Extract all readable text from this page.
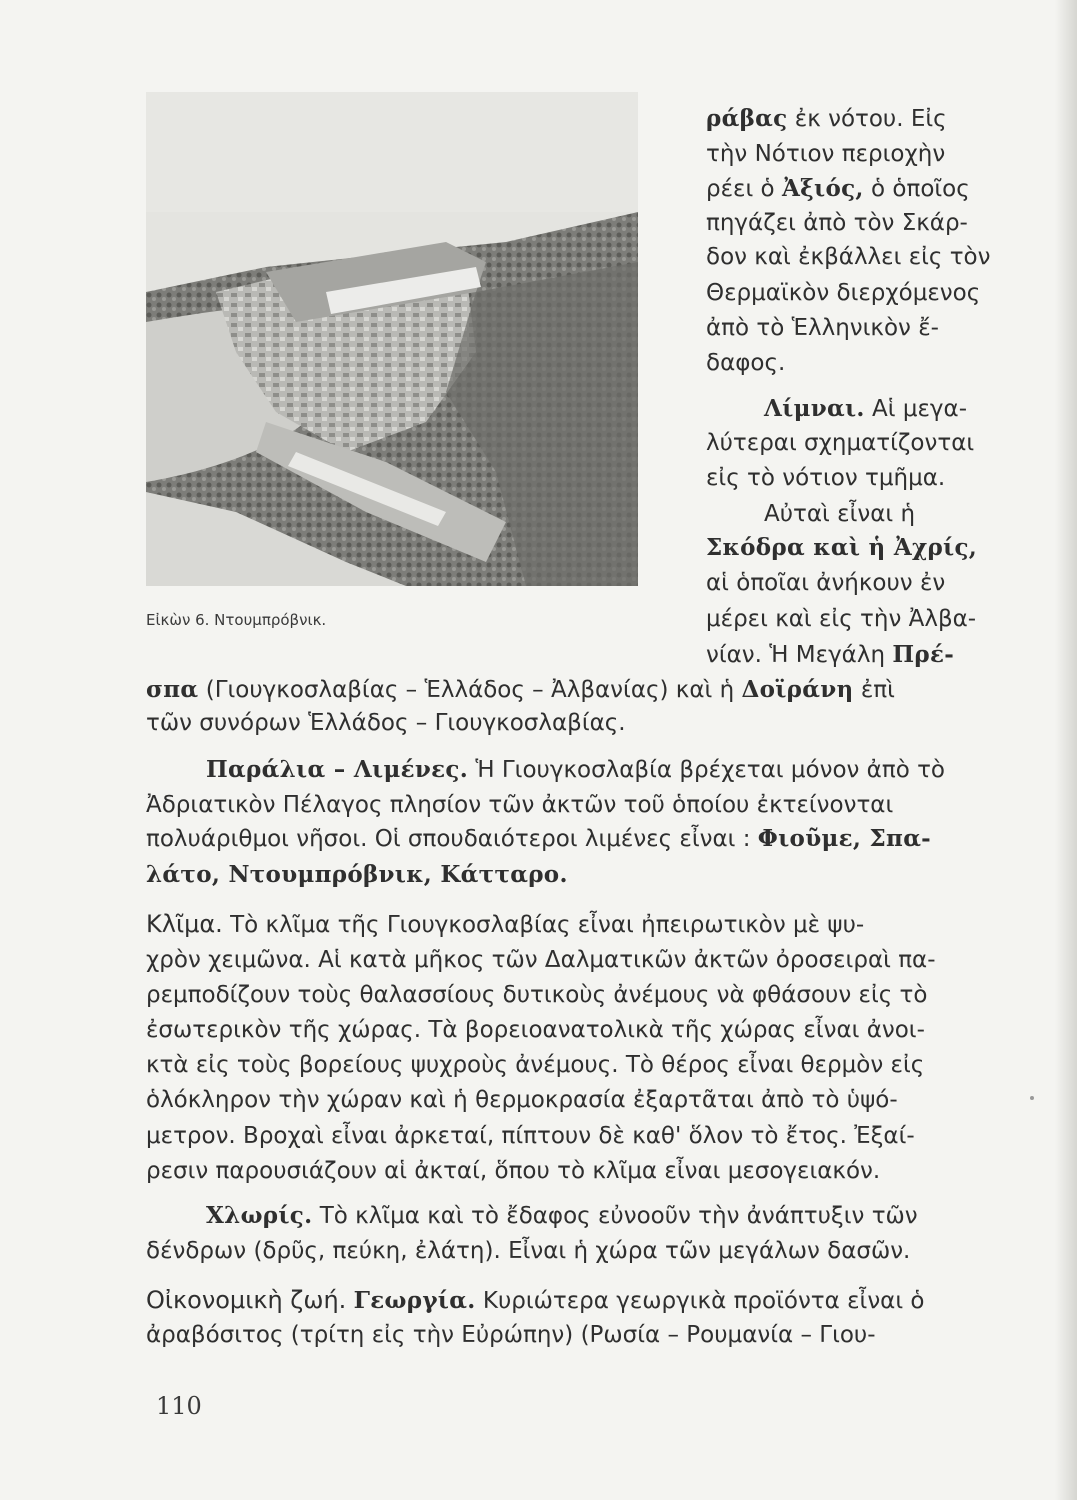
Εἰκὼν 6. Ντουμπρόβνικ.
ράβας ἐκ νότου. Εἰς
τὴν Νότιον περιοχὴν
ρέει ὁ Ἀξιός, ὁ ὁποῖος
πηγάζει ἀπὸ τὸν Σκάρ-
δον καὶ ἐκβάλλει εἰς τὸν
Θερμαϊκὸν διερχόμενος
ἀπὸ τὸ Ἑλληνικὸν ἔ-
δαφος.
Λίμναι. Αἱ μεγα-
λύτεραι σχηματίζονται
εἰς τὸ νότιον τμῆμα.
Αὐταὶ εἶναι ἡ
Σκόδρα καὶ ἡ Ἀχρίς,
αἱ ὁποῖαι ἀνήκουν ἐν
μέρει καὶ εἰς τὴν Ἀλβα-
νίαν. Ἡ Μεγάλη Πρέ-
σπα (Γιουγκοσλαβίας – Ἑλλάδος – Ἀλβανίας) καὶ ἡ Δοϊράνη ἐπὶ
τῶν συνόρων Ἑλλάδος – Γιουγκοσλαβίας.
Παράλια – Λιμένες. Ἡ Γιουγκοσλαβία βρέχεται μόνον ἀπὸ τὸ
Ἀδριατικὸν Πέλαγος πλησίον τῶν ἀκτῶν τοῦ ὁποίου ἐκτείνονται
πολυάριθμοι νῆσοι. Οἱ σπουδαιότεροι λιμένες εἶναι : Φιοῦμε, Σπα-
λάτο, Ντουμπρόβνικ, Κάτταρο.
Κλῖμα. Τὸ κλῖμα τῆς Γιουγκοσλαβίας εἶναι ἠπειρωτικὸν μὲ ψυ-
χρὸν χειμῶνα. Αἱ κατὰ μῆκος τῶν Δαλματικῶν ἀκτῶν ὀροσειραὶ πα-
ρεμποδίζουν τοὺς θαλασσίους δυτικοὺς ἀνέμους νὰ φθάσουν εἰς τὸ
ἐσωτερικὸν τῆς χώρας. Τὰ βορειοανατολικὰ τῆς χώρας εἶναι ἀνοι-
κτὰ εἰς τοὺς βορείους ψυχροὺς ἀνέμους. Τὸ θέρος εἶναι θερμὸν εἰς
ὁλόκληρον τὴν χώραν καὶ ἡ θερμοκρασία ἐξαρτᾶται ἀπὸ τὸ ὑψό-
μετρον. Βροχαὶ εἶναι ἀρκεταί, πίπτουν δὲ καθ' ὅλον τὸ ἔτος. Ἐξαί-
ρεσιν παρουσιάζουν αἱ ἀκταί, ὅπου τὸ κλῖμα εἶναι μεσογειακόν.
Χλωρίς. Τὸ κλῖμα καὶ τὸ ἔδαφος εὐνοοῦν τὴν ἀνάπτυξιν τῶν
δένδρων (δρῦς, πεύκη, ἐλάτη). Εἶναι ἡ χώρα τῶν μεγάλων δασῶν.
Οἰκονομικὴ ζωή. Γεωργία. Κυριώτερα γεωργικὰ προϊόντα εἶναι ὁ
ἀραβόσιτος (τρίτη εἰς τὴν Εὐρώπην) (Ρωσία – Ρουμανία – Γιου-
110
